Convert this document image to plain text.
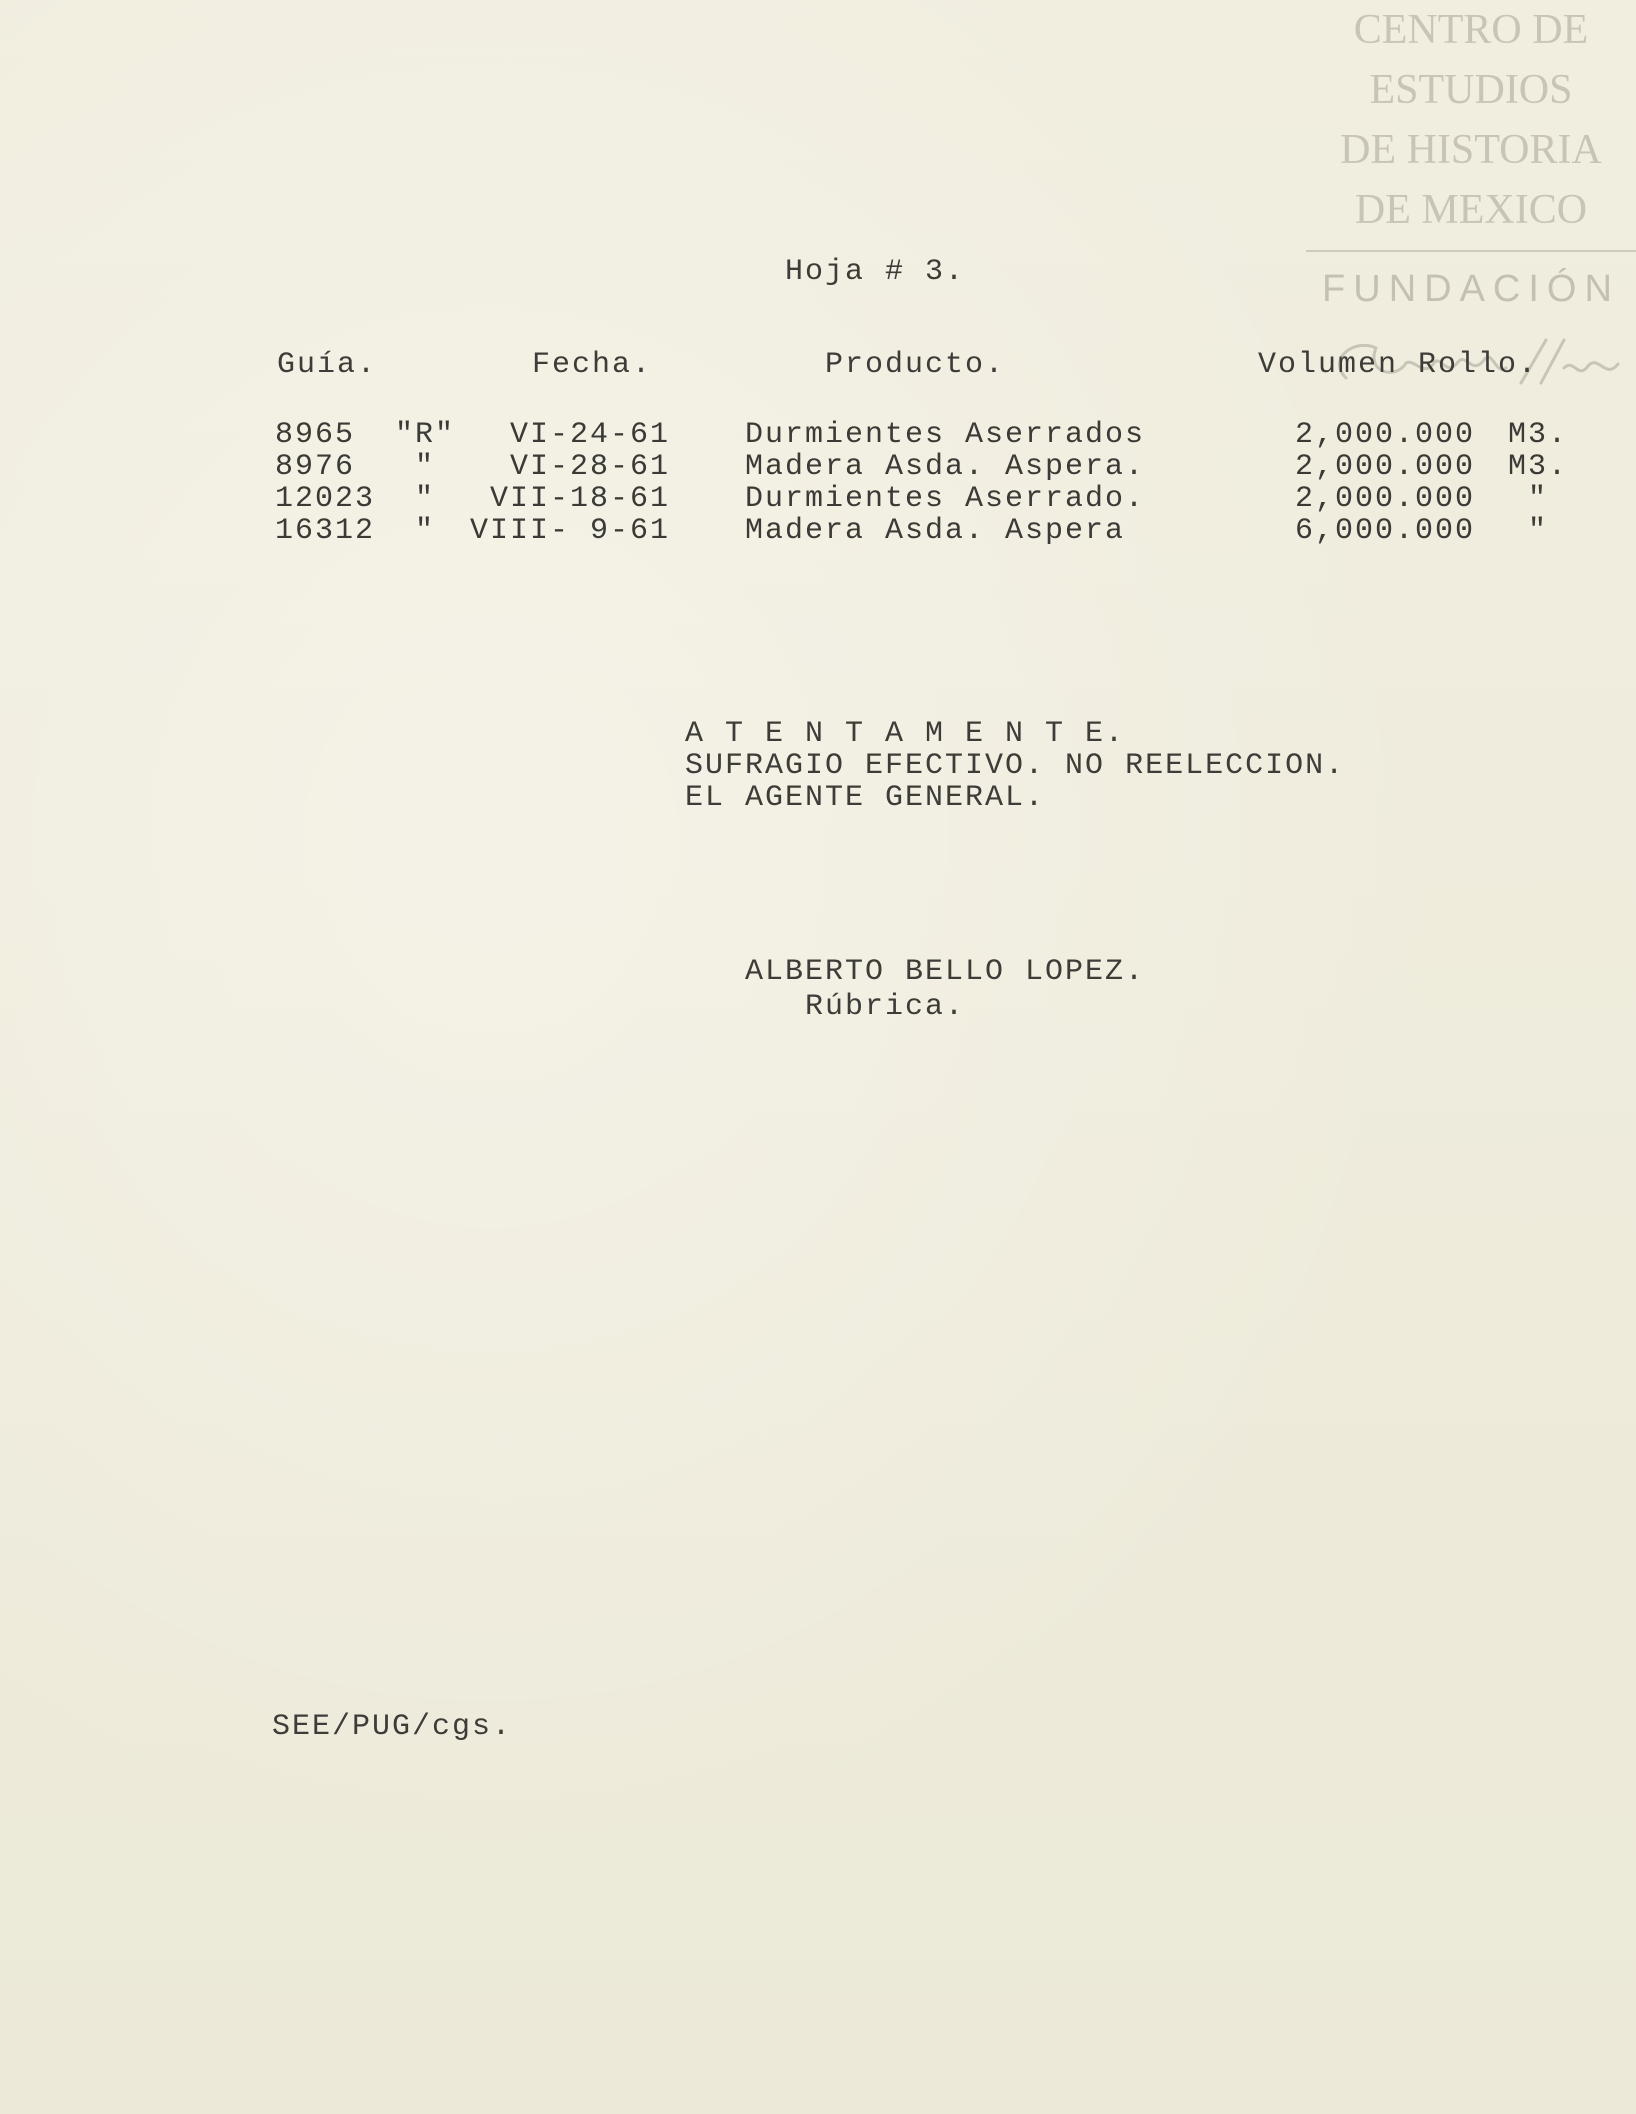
CENTRO DE
ESTUDIOS
DE HISTORIA
DE MEXICO
FUNDACIÓN
Hoja # 3.
Guía.	Fecha.	Producto.	Volumen Rollo.
8965 "R"	VI-24-61	Durmientes Aserrados	2,000.000 M3.
8976	"	VI-28-61	Madera Asda. Aspera.	2,000.000 M3.
12023	"	VII-18-61	Durmientes Aserrado.	2,000.000	"
16312	"	VIII- 9-61	Madera Asda. Aspera	6,000.000	"
A T E N T A M E N T E.
SUFRAGIO EFECTIVO. NO REELECCION.
EL AGENTE GENERAL.
ALBERTO BELLO LOPEZ.
Rúbrica.
SEE/PUG/cgs.
